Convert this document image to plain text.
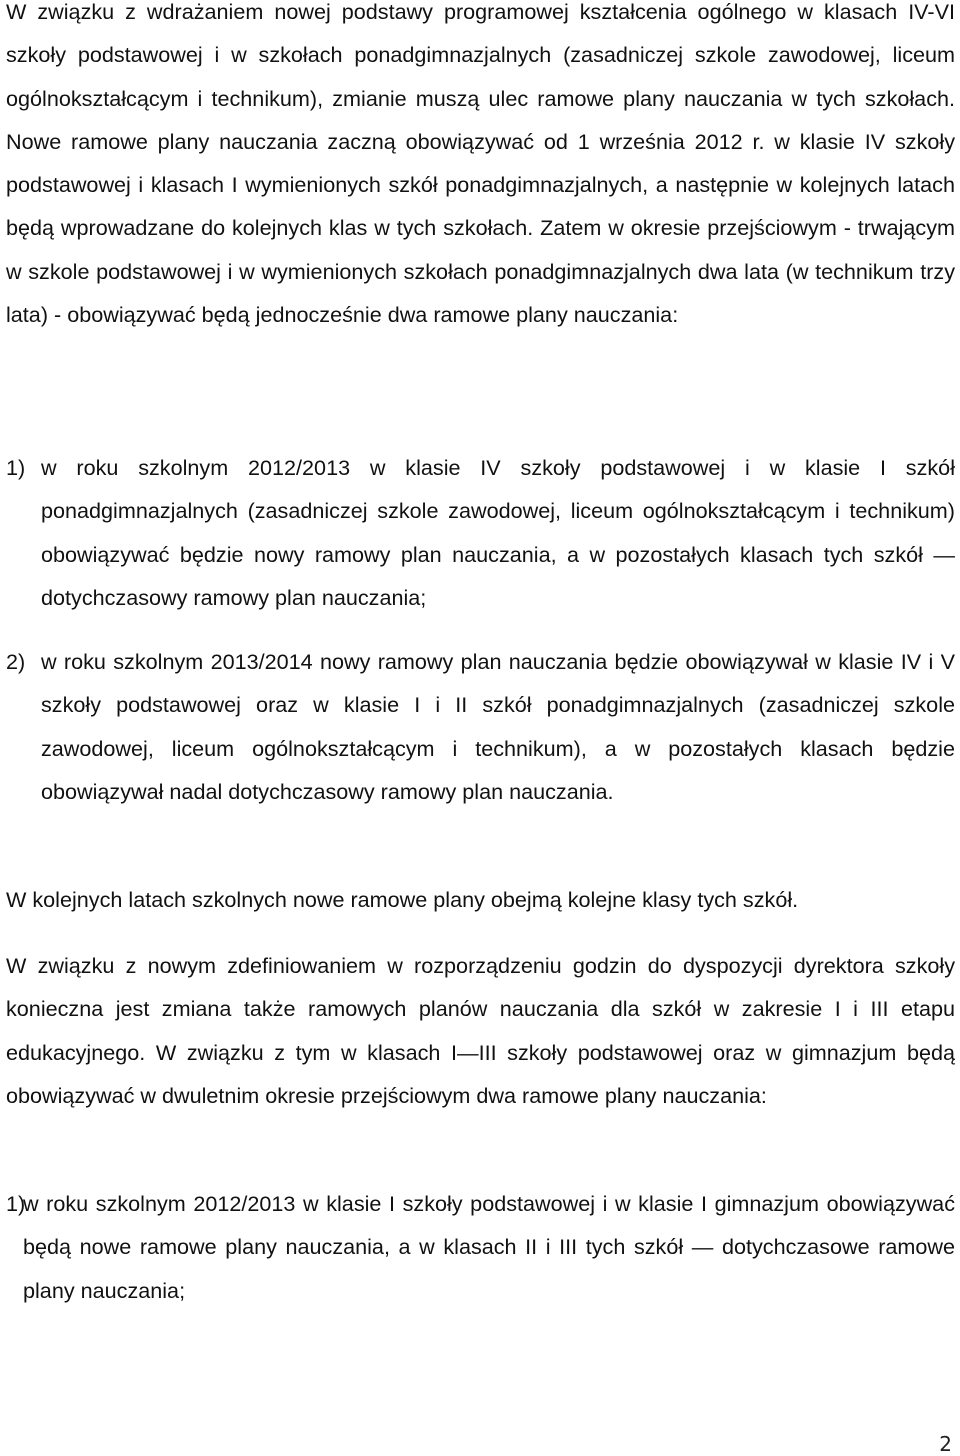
W związku z wdrażaniem nowej podstawy programowej kształcenia ogólnego w klasach IV-VI szkoły podstawowej i w szkołach ponadgimnazjalnych (zasadniczej szkole zawodowej, liceum ogólnokształcącym i technikum), zmianie muszą ulec ramowe plany nauczania w tych szkołach. Nowe ramowe plany nauczania zaczną obowiązywać od 1 września 2012 r. w klasie IV szkoły podstawowej i klasach I wymienionych szkół ponadgimnazjalnych, a następnie w kolejnych latach będą wprowadzane do kolejnych klas w tych szkołach. Zatem w okresie przejściowym - trwającym w szkole podstawowej i w wymienionych szkołach ponadgimnazjalnych dwa lata (w technikum trzy lata) - obowiązywać będą jednocześnie dwa ramowe plany nauczania:

1) w roku szkolnym 2012/2013 w klasie IV szkoły podstawowej i w klasie I szkół ponadgimnazjalnych (zasadniczej szkole zawodowej, liceum ogólnokształcącym i technikum) obowiązywać będzie nowy ramowy plan nauczania, a w pozostałych klasach tych szkół — dotychczasowy ramowy plan nauczania;
2) w roku szkolnym 2013/2014 nowy ramowy plan nauczania będzie obowiązywał w klasie IV i V szkoły podstawowej oraz w klasie I i II szkół ponadgimnazjalnych (zasadniczej szkole zawodowej, liceum ogólnokształcącym i technikum), a w pozostałych klasach będzie obowiązywał nadal dotychczasowy ramowy plan nauczania.

W kolejnych latach szkolnych nowe ramowe plany obejmą kolejne klasy tych szkół.

W związku z nowym zdefiniowaniem w rozporządzeniu godzin do dyspozycji dyrektora szkoły konieczna jest zmiana także ramowych planów nauczania dla szkół w zakresie I i III etapu edukacyjnego. W związku z tym w klasach I—III szkoły podstawowej oraz w gimnazjum będą obowiązywać w dwuletnim okresie przejściowym dwa ramowe plany nauczania:

1)
w roku szkolnym 2012/2013 w klasie I szkoły podstawowej i w klasie I gimnazjum obowiązywać będą nowe ramowe plany nauczania, a w klasach II i III tych szkół — dotychczasowe ramowe plany nauczania;
2
